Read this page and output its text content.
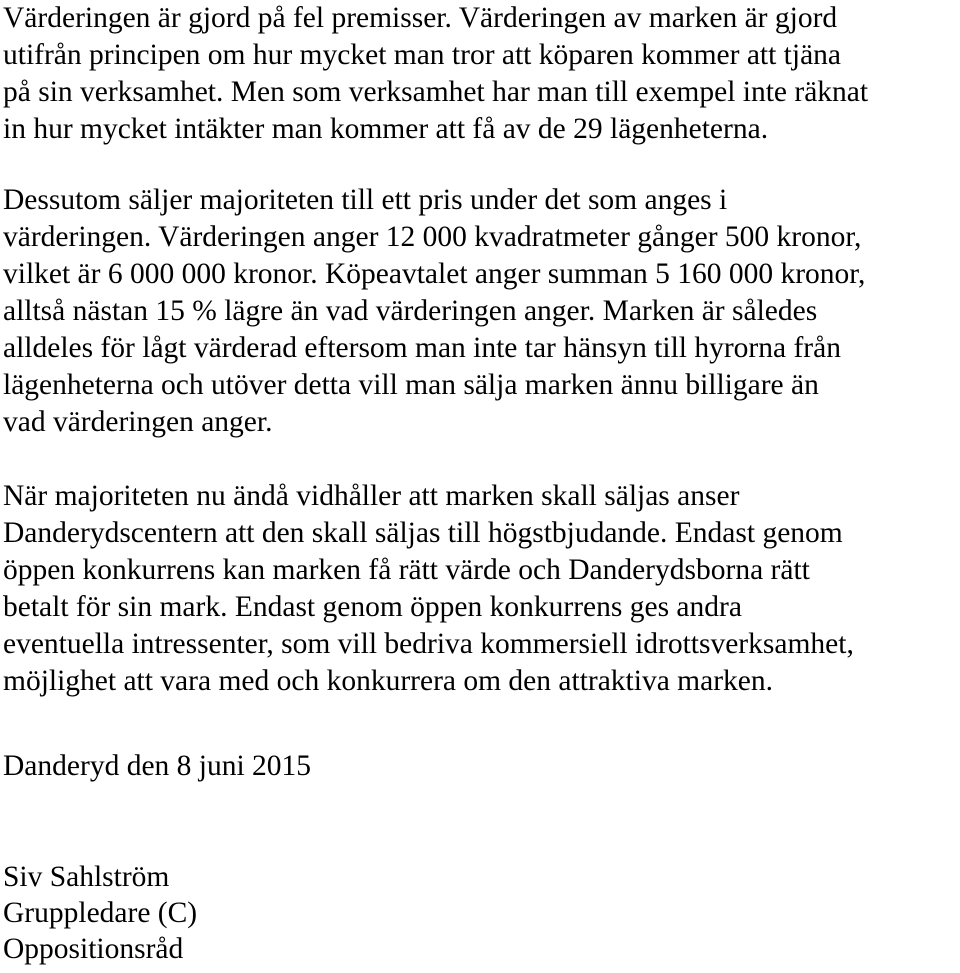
Värderingen är gjord på fel premisser. Värderingen av marken är gjord
utifrån principen om hur mycket man tror att köparen kommer att tjäna
på sin verksamhet. Men som verksamhet har man till exempel inte räknat
in hur mycket intäkter man kommer att få av de 29 lägenheterna.
Dessutom säljer majoriteten till ett pris under det som anges i
värderingen. Värderingen anger 12 000 kvadratmeter gånger 500 kronor,
vilket är 6 000 000 kronor. Köpeavtalet anger summan 5 160 000 kronor,
alltså nästan 15 % lägre än vad värderingen anger. Marken är således
alldeles för lågt värderad eftersom man inte tar hänsyn till hyrorna från
lägenheterna och utöver detta vill man sälja marken ännu billigare än
vad värderingen anger.
När majoriteten nu ändå vidhåller att marken skall säljas anser
Danderydscentern att den skall säljas till högstbjudande. Endast genom
öppen konkurrens kan marken få rätt värde och Danderydsborna rätt
betalt för sin mark. Endast genom öppen konkurrens ges andra
eventuella intressenter, som vill bedriva kommersiell idrottsverksamhet,
möjlighet att vara med och konkurrera om den attraktiva marken.
Danderyd den 8 juni 2015
Siv Sahlström
Gruppledare (C)
Oppositionsråd
